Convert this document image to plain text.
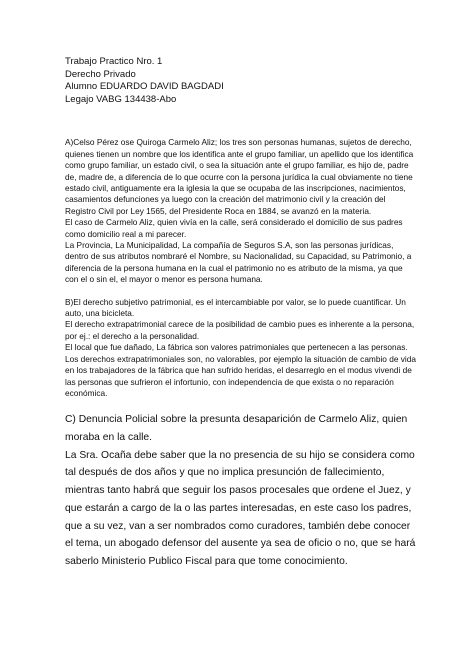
Trabajo Practico Nro. 1
Derecho Privado
Alumno EDUARDO DAVID BAGDADI
Legajo VABG 134438-Abo

A)Celso Pérez ose Quiroga Carmelo Aliz; los tres son personas humanas, sujetos de derecho, quienes tienen un nombre que los identifica ante el grupo familiar, un apellido que los identifica como grupo familiar, un estado civil, o sea la situación ante el grupo familiar, es hijo de, padre de, madre de, a diferencia de lo que ocurre con la persona jurídica la cual obviamente no tiene estado civil, antiguamente era la iglesia la que se ocupaba de las inscripciones, nacimientos, casamientos defunciones ya luego con la creación del matrimonio civil y la creación del Registro Civil por Ley 1565, del Presidente Roca en 1884, se avanzó en la materia.

El caso de Carmelo Aliz, quien vivía en la calle, será considerado el domicilio de sus padres como domicilio real a mi parecer.

La Provincia, La Municipalidad, La compañía de Seguros S.A, son las personas jurídicas, dentro de sus atributos nombraré el Nombre, su Nacionalidad, su Capacidad, su Patrimonio, a diferencia de la persona humana en la cual el patrimonio no es atributo de la misma, ya que con el o sin el, el mayor o menor es persona humana.

B)El derecho subjetivo patrimonial, es el intercambiable por valor, se lo puede cuantificar. Un auto, una bicicleta.

El derecho extrapatrimonial carece de la posibilidad de cambio pues es inherente a la persona, por ej.: el derecho a la personalidad.

El local que fue dañado, La fábrica son valores patrimoniales que pertenecen a las personas.

Los derechos extrapatrimoniales son, no valorables, por ejemplo la situación de cambio de vida en los trabajadores de la fábrica que han sufrido heridas, el desarreglo en el modus vivendi de las personas que sufrieron el infortunio, con independencia de que exista o no reparación económica.

C) Denuncia Policial sobre la presunta desaparición de Carmelo Aliz, quien moraba en la calle.

La Sra. Ocaña debe saber que la no presencia de su hijo se considera como tal después de dos años y que no implica presunción de fallecimiento, mientras tanto habrá que seguir los pasos procesales que ordene el Juez, y que estarán a cargo de la o las partes interesadas, en este caso los padres, que a su vez, van a ser nombrados como curadores, también debe conocer el tema, un abogado defensor del ausente ya sea de oficio o no, que se hará saberlo Ministerio Publico Fiscal para que tome conocimiento.
